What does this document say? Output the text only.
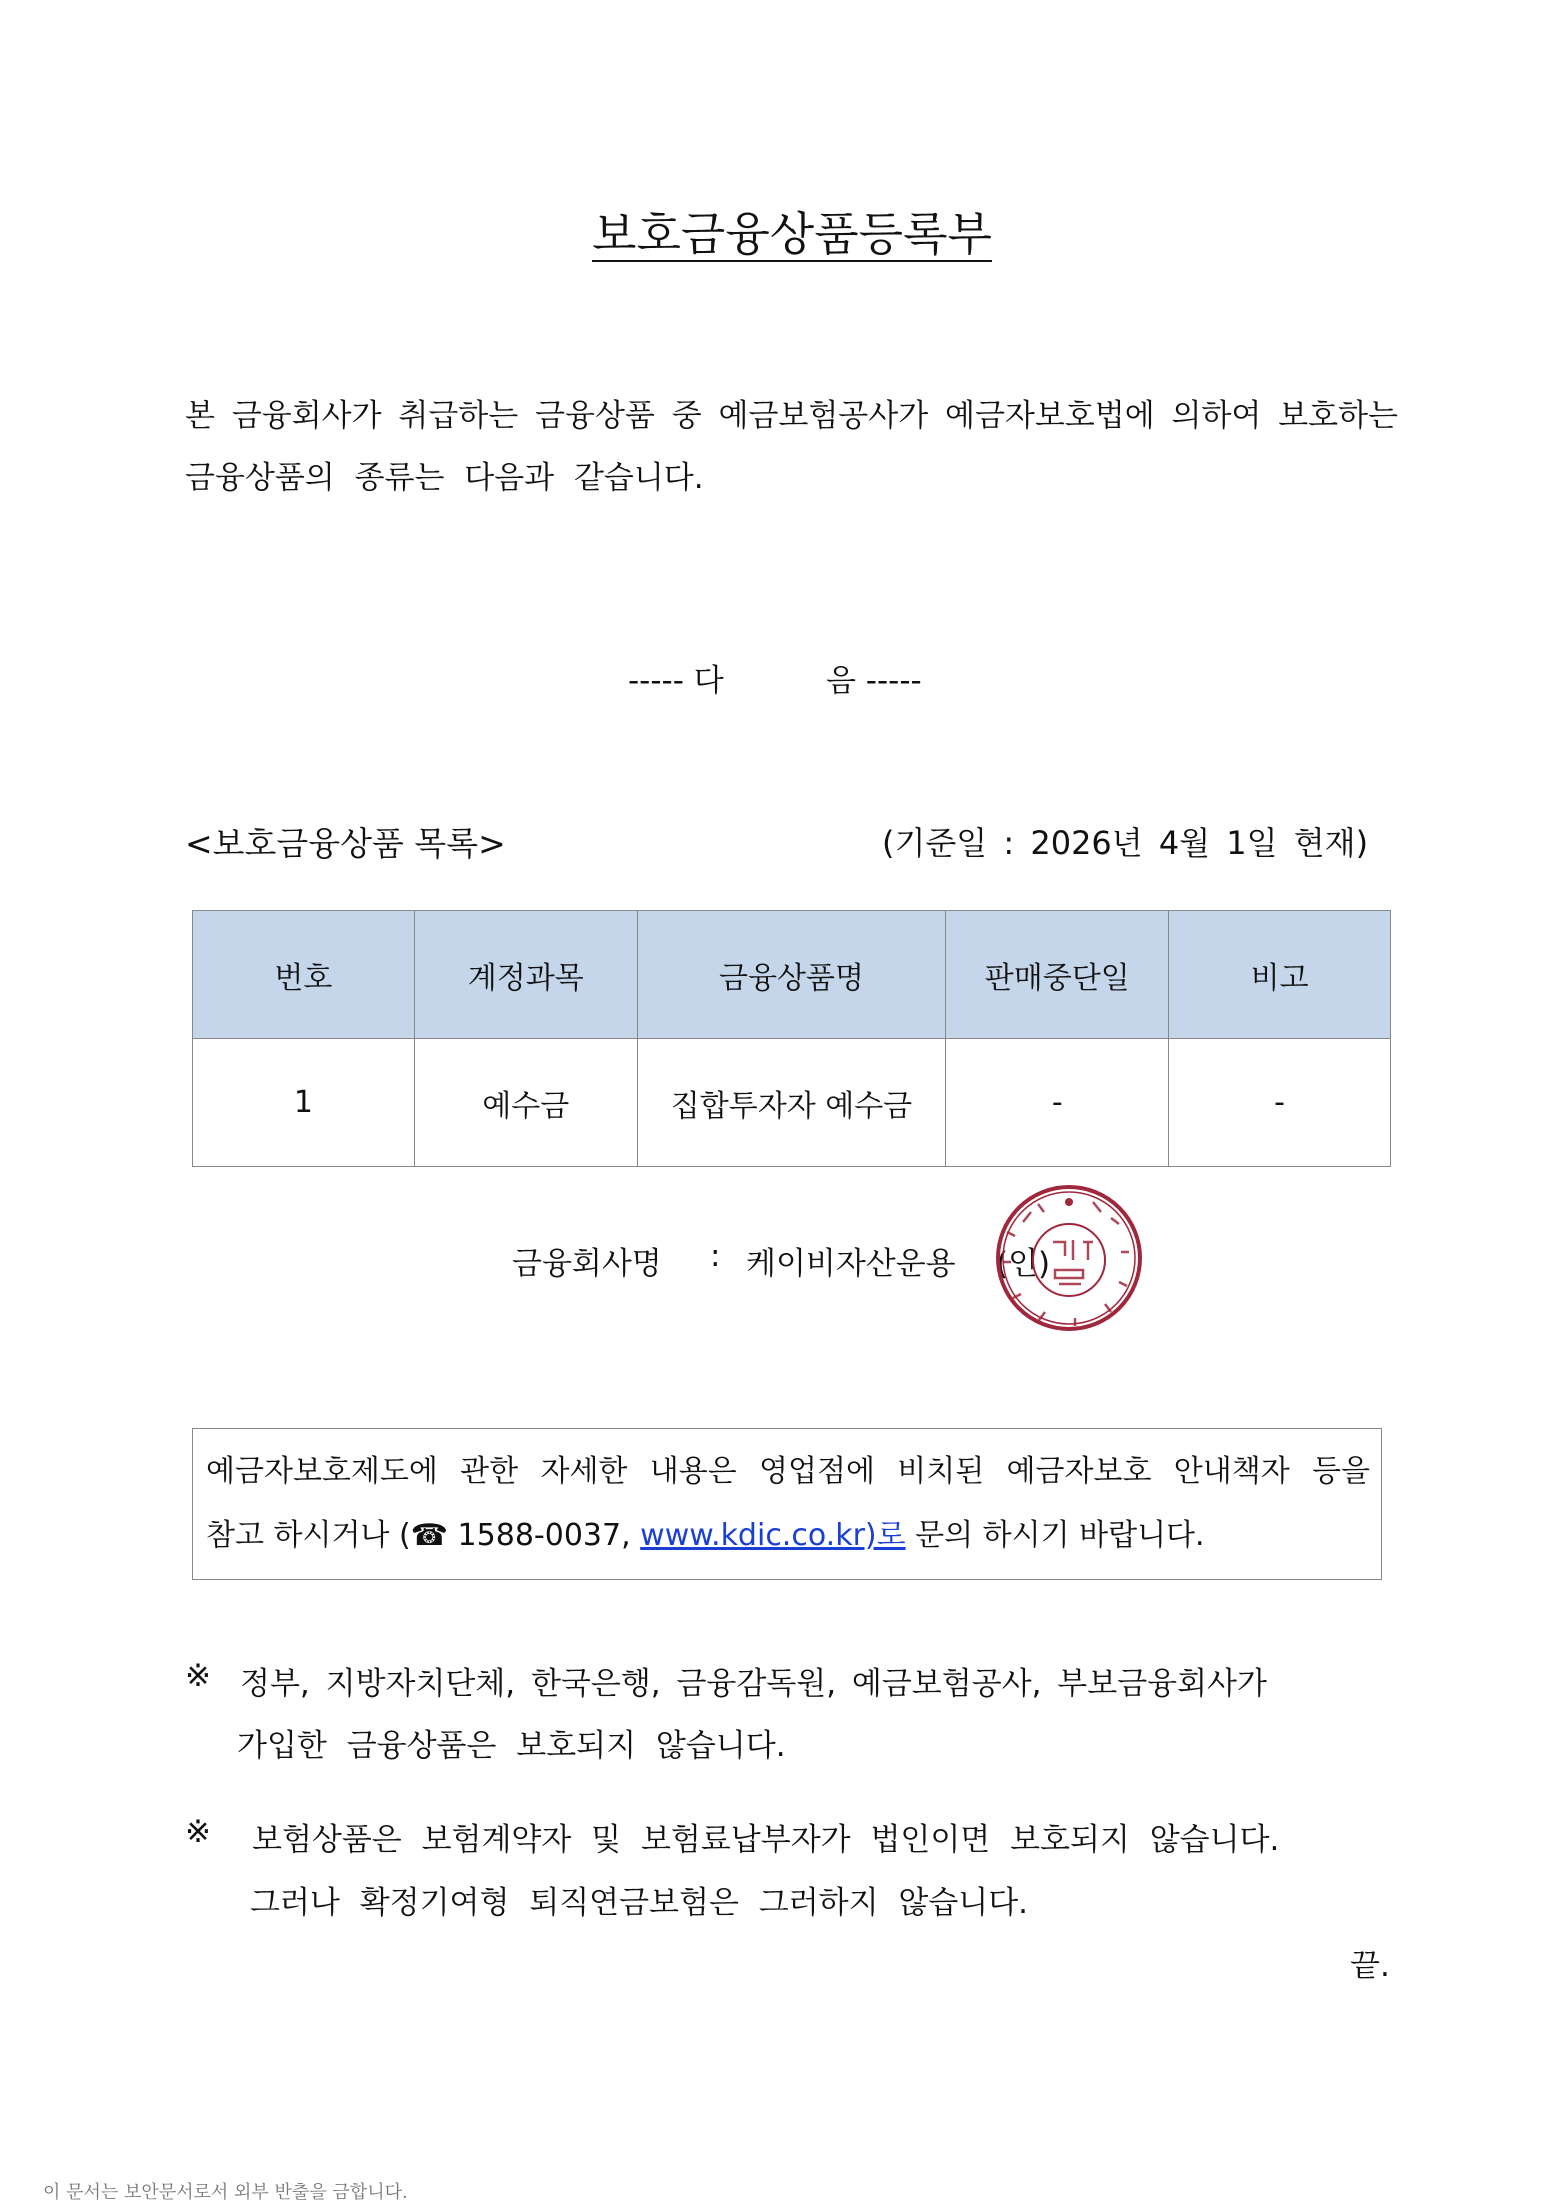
보호금융상품등록부
본 금융회사가 취급하는 금융상품 중 예금보험공사가 예금자보호법에 의하여 보호하는
금융상품의 종류는 다음과 같습니다.
----- 다	음 -----
<보호금융상품 목록>	(기준일 : 2026년 4월 1일 현재)
번호	계정과목	금융상품명	판매중단일	비고
1	예수금	집합투자자 예수금	-	-
금융회사명 : 케이비자산운용 (인)
예금자보호제도에 관한 자세한 내용은 영업점에 비치된 예금자보호 안내책자 등을
참고 하시거나 (☎ 1588-0037, www.kdic.co.kr)로 문의 하시기 바랍니다.
※ 정부, 지방자치단체, 한국은행, 금융감독원, 예금보험공사, 부보금융회사가
가입한 금융상품은 보호되지 않습니다.
※ 보험상품은 보험계약자 및 보험료납부자가 법인이면 보호되지 않습니다.
그러나 확정기여형 퇴직연금보험은 그러하지 않습니다.
끝.
이 문서는 보안문서로서 외부 반출을 금합니다.
